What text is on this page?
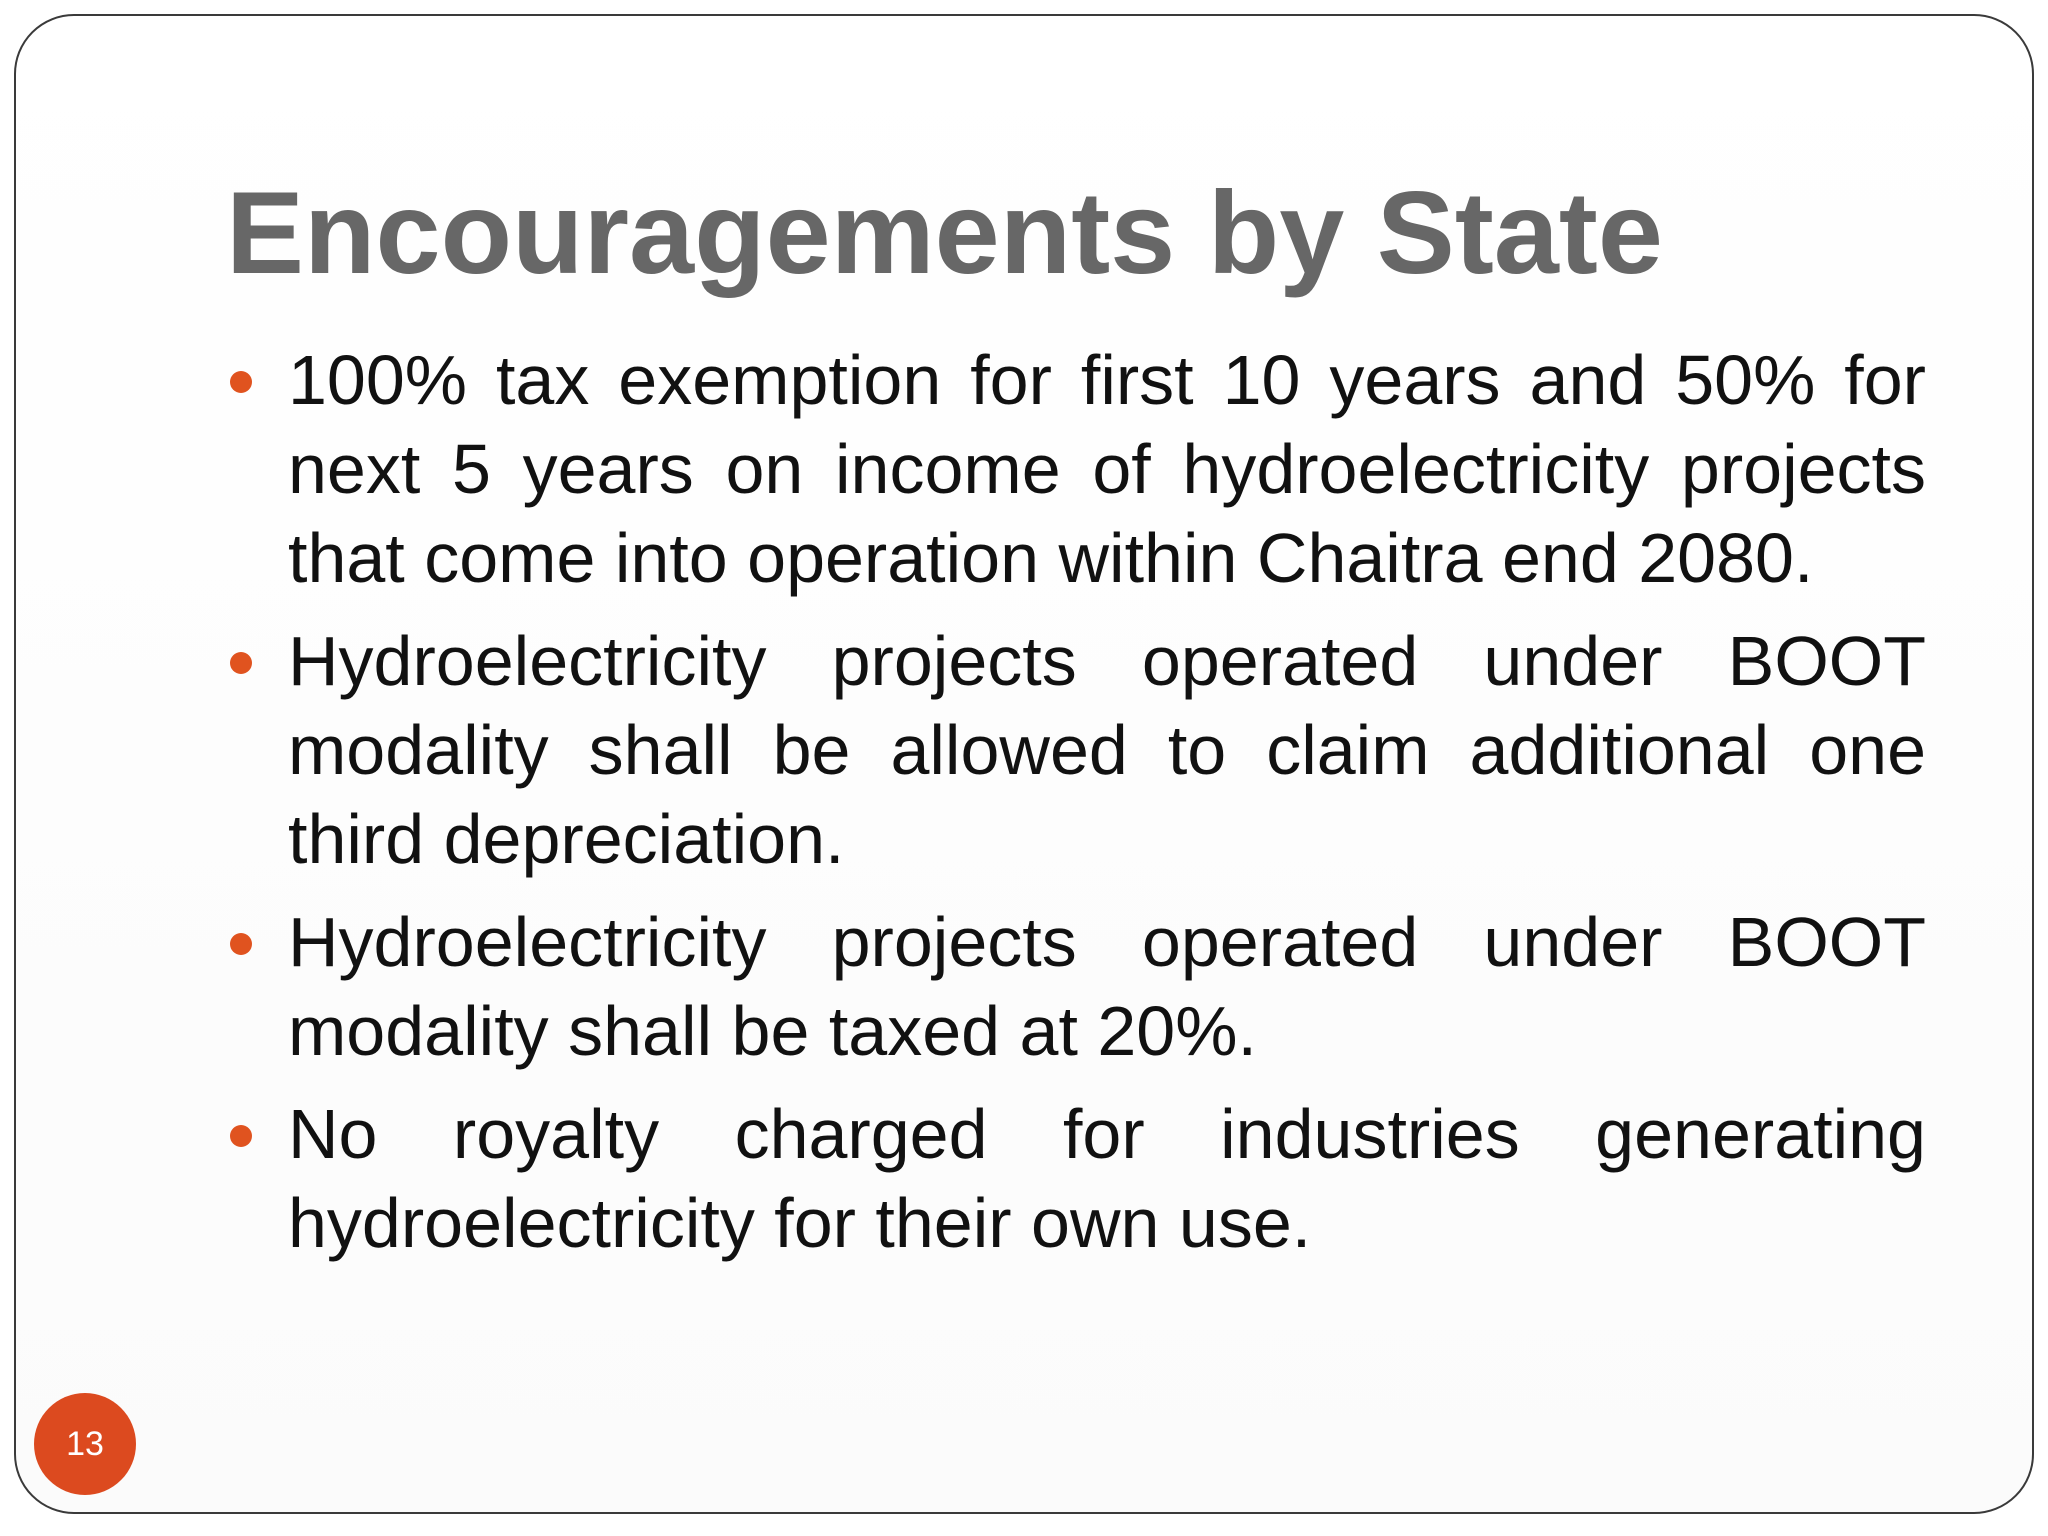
Encouragements by State
100% tax exemption for first 10 years and 50% for next 5 years on income of hydroelectricity projects that come into operation within Chaitra end 2080.
Hydroelectricity projects operated under BOOT modality shall be allowed to claim additional one third depreciation.
Hydroelectricity projects operated under BOOT modality shall be taxed at 20%.
No royalty charged for industries generating hydroelectricity for their own use.
13
